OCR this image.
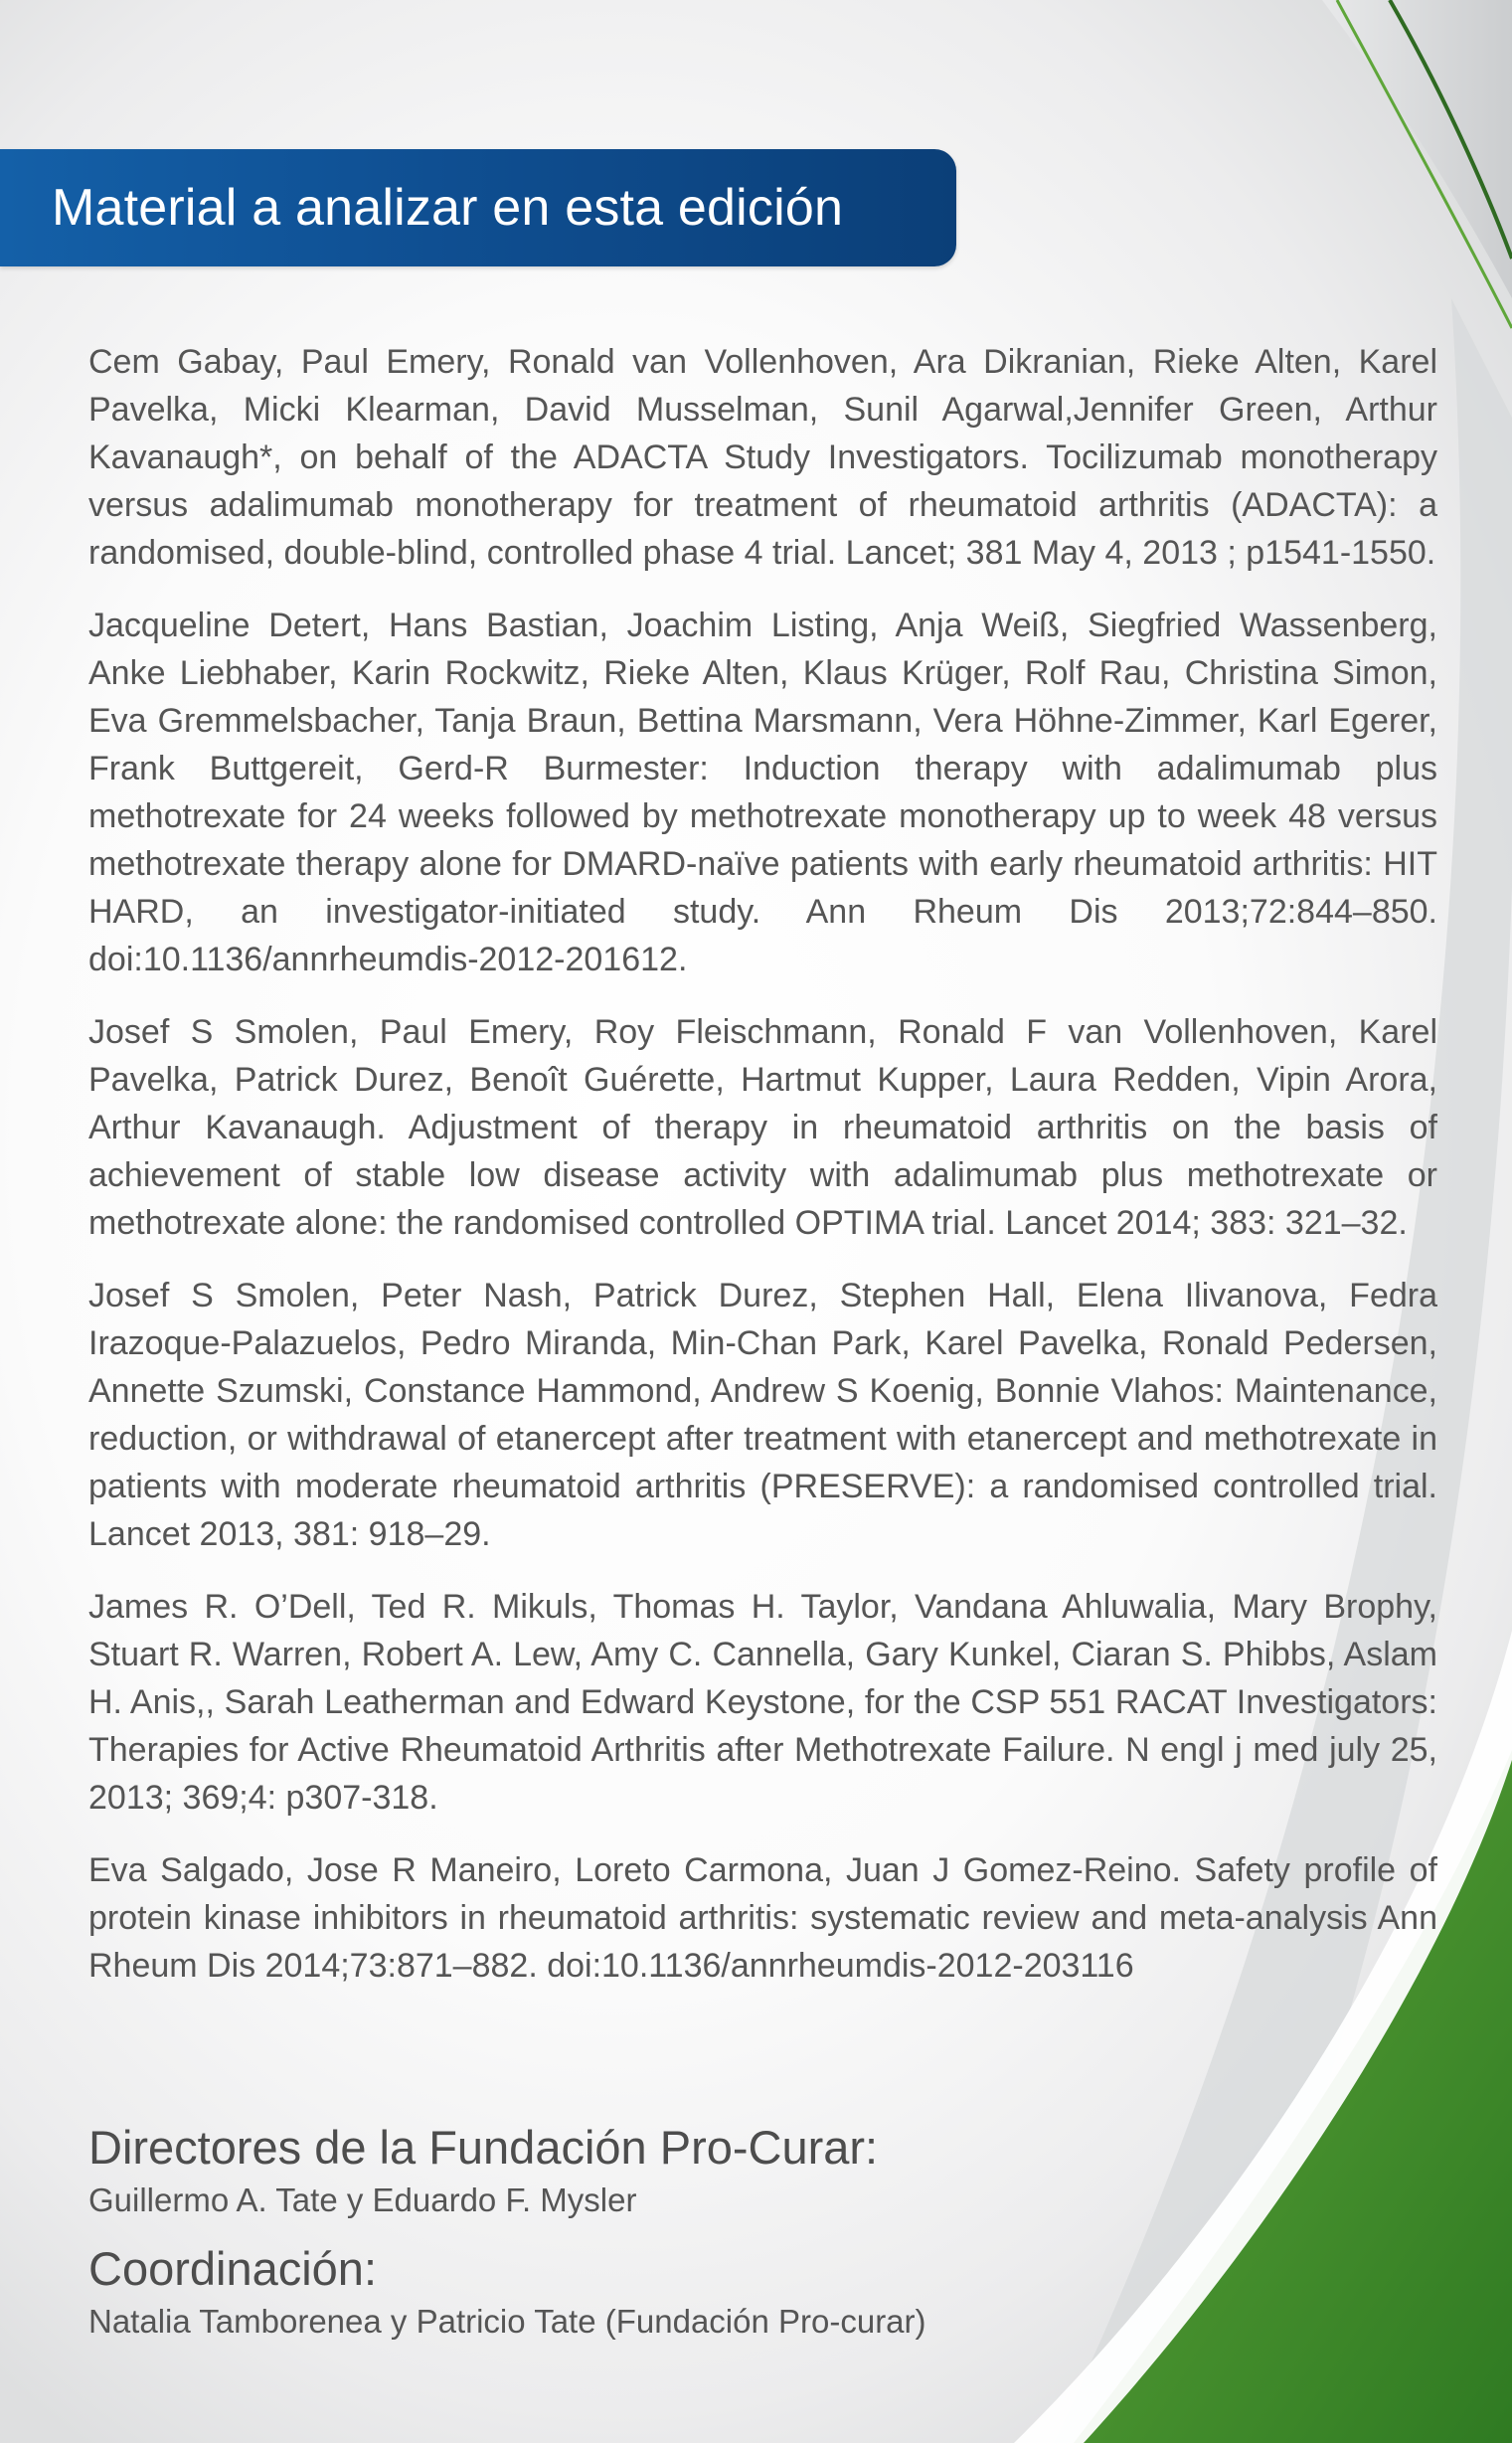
Material a analizar en esta edición

Cem Gabay, Paul Emery, Ronald van Vollenhoven, Ara Dikranian, Rieke Alten, Karel Pavelka, Micki Klearman, David Musselman, Sunil Agarwal,Jennifer Green, Arthur Kavanaugh*, on behalf of the ADACTA Study Investigators. Tocilizumab monotherapy versus adalimumab monotherapy for treatment of rheumatoid arthritis (ADACTA): a randomised, double-blind, controlled phase 4 trial. Lancet; 381 May 4, 2013 ; p1541-1550.

Jacqueline Detert, Hans Bastian, Joachim Listing, Anja Weiß, Siegfried Wassenberg, Anke Liebhaber, Karin Rockwitz, Rieke Alten, Klaus Krüger, Rolf Rau, Christina Simon, Eva Gremmelsbacher, Tanja Braun, Bettina Marsmann, Vera Höhne-Zimmer, Karl Egerer, Frank Buttgereit, Gerd-R Burmester: Induction therapy with adalimumab plus methotrexate for 24 weeks followed by methotrexate monotherapy up to week 48 versus methotrexate therapy alone for DMARD-naïve patients with early rheumatoid arthritis: HIT HARD, an investigator-initiated study. Ann Rheum Dis 2013;72:844–850. doi:10.1136/annrheumdis-2012-201612.

Josef S Smolen, Paul Emery, Roy Fleischmann, Ronald F van Vollenhoven, Karel Pavelka, Patrick Durez, Benoît Guérette, Hartmut Kupper, Laura Redden, Vipin Arora, Arthur Kavanaugh. Adjustment of therapy in rheumatoid arthritis on the basis of achievement of stable low disease activity with adalimumab plus methotrexate or methotrexate alone: the randomised controlled OPTIMA trial. Lancet 2014; 383: 321–32.

Josef S Smolen, Peter Nash, Patrick Durez, Stephen Hall, Elena Ilivanova, Fedra Irazoque-Palazuelos, Pedro Miranda, Min-Chan Park, Karel Pavelka, Ronald Pedersen, Annette Szumski, Constance Hammond, Andrew S Koenig, Bonnie Vlahos: Maintenance, reduction, or withdrawal of etanercept after treatment with etanercept and methotrexate in patients with moderate rheumatoid arthritis (PRESERVE): a randomised controlled trial. Lancet 2013, 381: 918–29.

James R. O’Dell, Ted R. Mikuls, Thomas H. Taylor, Vandana Ahluwalia, Mary Brophy, Stuart R. Warren, Robert A. Lew, Amy C. Cannella, Gary Kunkel, Ciaran S. Phibbs, Aslam H. Anis,, Sarah Leatherman and Edward Keystone, for the CSP 551 RACAT Investigators: Therapies for Active Rheumatoid Arthritis after Methotrexate Failure. N engl j med july 25, 2013; 369;4: p307-318.

Eva Salgado, Jose R Maneiro, Loreto Carmona, Juan J Gomez-Reino. Safety profile of protein kinase inhibitors in rheumatoid arthritis: systematic review and meta-analysis Ann Rheum Dis 2014;73:871–882. doi:10.1136/annrheumdis-2012-203116

Directores de la Fundación Pro-Curar:

Guillermo A. Tate y Eduardo F. Mysler

Coordinación:

Natalia Tamborenea y Patricio Tate (Fundación Pro-curar)
